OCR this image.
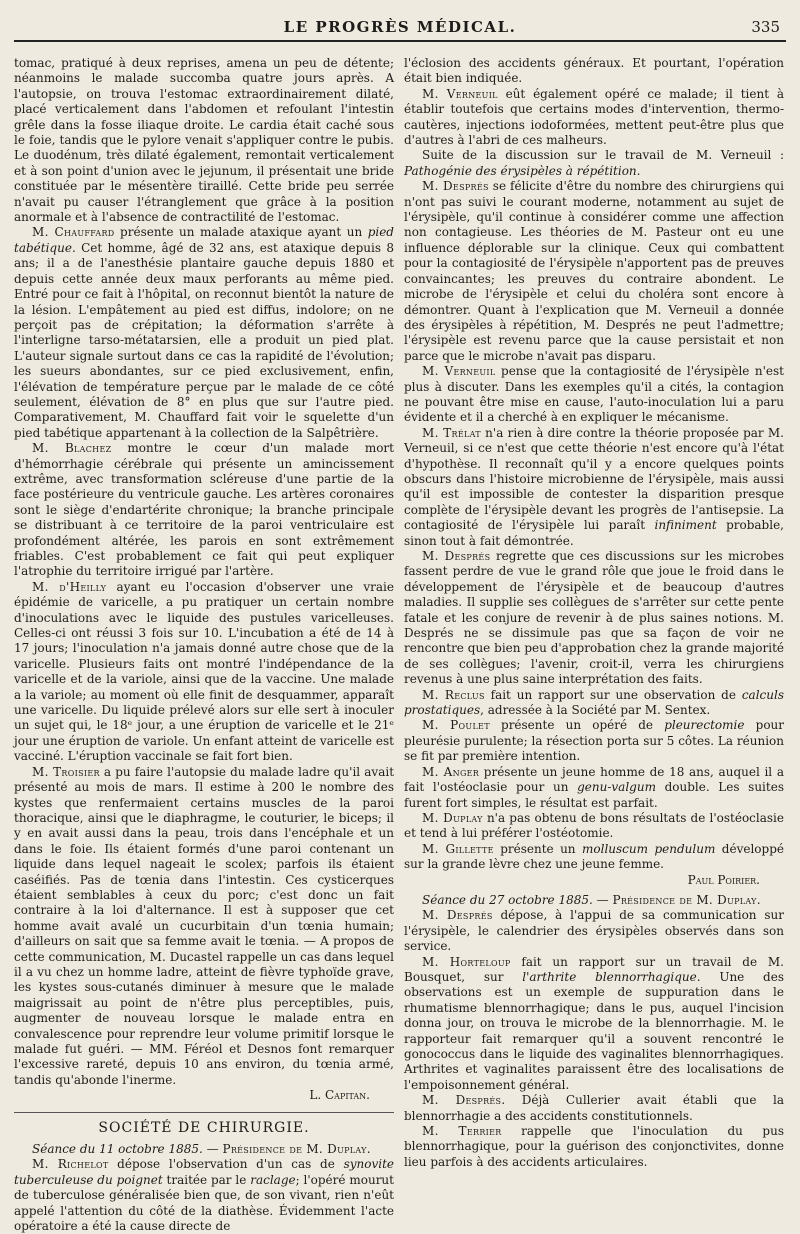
LE PROGRÈS MÉDICAL.	335

tomac, pratiqué à deux reprises, amena un peu de détente; néanmoins le malade succomba quatre jours après. A l'autopsie, on trouva l'estomac extraordinairement dilaté, placé verticalement dans l'abdomen et refoulant l'intestin grêle dans la fosse iliaque droite. Le cardia était caché sous le foie, tandis que le pylore venait s'appliquer contre le pubis. Le duodénum, très dilaté également, remontait verticalement et à son point d'union avec le jejunum, il présentait une bride constituée par le mésentère tiraillé. Cette bride peu serrée n'avait pu causer l'étranglement que grâce à la position anormale et à l'absence de contractilité de l'estomac.

M. Chauffard présente un malade ataxique ayant un pied tabétique. Cet homme, âgé de 32 ans, est ataxique depuis 8 ans; il a de l'anesthésie plantaire gauche depuis 1880 et depuis cette année deux maux perforants au même pied. Entré pour ce fait à l'hôpital, on reconnut bientôt la nature de la lésion. L'empâtement au pied est diffus, indolore; on ne perçoit pas de crépitation; la déformation s'arrête à l'interligne tarso-métatarsien, elle a produit un pied plat. L'auteur signale surtout dans ce cas la rapidité de l'évolution; les sueurs abondantes, sur ce pied exclusivement, enfin, l'élévation de température perçue par le malade de ce côté seulement, élévation de 8° en plus que sur l'autre pied. Comparativement, M. Chauffard fait voir le squelette d'un pied tabétique appartenant à la collection de la Salpêtrière.

M. Blachez montre le cœur d'un malade mort d'hémorrhagie cérébrale qui présente un amincissement extrême, avec transformation scléreuse d'une partie de la face postérieure du ventricule gauche. Les artères coronaires sont le siège d'endartérite chronique; la branche principale se distribuant à ce territoire de la paroi ventriculaire est profondément altérée, les parois en sont extrêmement friables. C'est probablement ce fait qui peut expliquer l'atrophie du territoire irrigué par l'artère.

M. d'Heilly ayant eu l'occasion d'observer une vraie épidémie de varicelle, a pu pratiquer un certain nombre d'inoculations avec le liquide des pustules varicelleuses. Celles-ci ont réussi 3 fois sur 10. L'incubation a été de 14 à 17 jours; l'inoculation n'a jamais donné autre chose que de la varicelle. Plusieurs faits ont montré l'indépendance de la varicelle et de la variole, ainsi que de la vaccine. Une malade a la variole; au moment où elle finit de desquammer, apparaît une varicelle. Du liquide prélevé alors sur elle sert à inoculer un sujet qui, le 18ᵉ jour, a une éruption de varicelle et le 21ᵉ jour une éruption de variole. Un enfant atteint de varicelle est vacciné. L'éruption vaccinale se fait fort bien.

M. Troisier a pu faire l'autopsie du malade ladre qu'il avait présenté au mois de mars. Il estime à 200 le nombre des kystes que renfermaient certains muscles de la paroi thoracique, ainsi que le diaphragme, le couturier, le biceps; il y en avait aussi dans la peau, trois dans l'encéphale et un dans le foie. Ils étaient formés d'une paroi contenant un liquide dans lequel nageait le scolex; parfois ils étaient caséifiés. Pas de tœnia dans l'intestin. Ces cysticerques étaient semblables à ceux du porc; c'est donc un fait contraire à la loi d'alternance. Il est à supposer que cet homme avait avalé un cucurbitain d'un tœnia humain; d'ailleurs on sait que sa femme avait le tœnia. — A propos de cette communication, M. Ducastel rappelle un cas dans lequel il a vu chez un homme ladre, atteint de fièvre typhoïde grave, les kystes sous-cutanés diminuer à mesure que le malade maigrissait au point de n'être plus perceptibles, puis, augmenter de nouveau lorsque le malade entra en convalescence pour reprendre leur volume primitif lorsque le malade fut guéri. — MM. Féréol et Desnos font remarquer l'excessive rareté, depuis 10 ans environ, du tœnia armé, tandis qu'abonde l'inerme.

L. Capitan.

SOCIÉTÉ DE CHIRURGIE.

Séance du 11 octobre 1885. — Présidence de M. Duplay.

M. Richelot dépose l'observation d'un cas de synovite tuberculeuse du poignet traitée par le raclage; l'opéré mourut de tuberculose généralisée bien que, de son vivant, rien n'eût appelé l'attention du côté de la diathèse. Évidemment l'acte opératoire a été la cause directe de

l'éclosion des accidents généraux. Et pourtant, l'opération était bien indiquée.

M. Verneuil eût également opéré ce malade; il tient à établir toutefois que certains modes d'intervention, thermo-cautères, injections iodoformées, mettent peut-être plus que d'autres à l'abri de ces malheurs.

Suite de la discussion sur le travail de M. Verneuil : Pathogénie des érysipèles à répétition.

M. Després se félicite d'être du nombre des chirurgiens qui n'ont pas suivi le courant moderne, notamment au sujet de l'érysipèle, qu'il continue à considérer comme une affection non contagieuse. Les théories de M. Pasteur ont eu une influence déplorable sur la clinique. Ceux qui combattent pour la contagiosité de l'érysipèle n'apportent pas de preuves convaincantes; les preuves du contraire abondent. Le microbe de l'érysipèle et celui du choléra sont encore à démontrer. Quant à l'explication que M. Verneuil a donnée des érysipèles à répétition, M. Després ne peut l'admettre; l'érysipèle est revenu parce que la cause persistait et non parce que le microbe n'avait pas disparu.

M. Verneuil pense que la contagiosité de l'érysipèle n'est plus à discuter. Dans les exemples qu'il a cités, la contagion ne pouvant être mise en cause, l'auto-inoculation lui a paru évidente et il a cherché à en expliquer le mécanisme.

M. Trélat n'a rien à dire contre la théorie proposée par M. Verneuil, si ce n'est que cette théorie n'est encore qu'à l'état d'hypothèse. Il reconnaît qu'il y a encore quelques points obscurs dans l'histoire microbienne de l'érysipèle, mais aussi qu'il est impossible de contester la disparition presque complète de l'érysipèle devant les progrès de l'antisepsie. La contagiosité de l'érysipèle lui paraît infiniment probable, sinon tout à fait démontrée.

M. Després regrette que ces discussions sur les microbes fassent perdre de vue le grand rôle que joue le froid dans le développement de l'érysipèle et de beaucoup d'autres maladies. Il supplie ses collègues de s'arrêter sur cette pente fatale et les conjure de revenir à de plus saines notions. M. Després ne se dissimule pas que sa façon de voir ne rencontre que bien peu d'approbation chez la grande majorité de ses collègues; l'avenir, croit-il, verra les chirurgiens revenus à une plus saine interprétation des faits.

M. Reclus fait un rapport sur une observation de calculs prostatiques, adressée à la Société par M. Sentex.

M. Poulet présente un opéré de pleurectomie pour pleurésie purulente; la résection porta sur 5 côtes. La réunion se fit par première intention.

M. Anger présente un jeune homme de 18 ans, auquel il a fait l'ostéoclasie pour un genu-valgum double. Les suites furent fort simples, le résultat est parfait.

M. Duplay n'a pas obtenu de bons résultats de l'ostéoclasie et tend à lui préférer l'ostéotomie.

M. Gillette présente un molluscum pendulum développé sur la grande lèvre chez une jeune femme.

Paul Poirier.

Séance du 27 octobre 1885. — Présidence de M. Duplay.

M. Després dépose, à l'appui de sa communication sur l'érysipèle, le calendrier des érysipèles observés dans son service.

M. Horteloup fait un rapport sur un travail de M. Bousquet, sur l'arthrite blennorrhagique. Une des observations est un exemple de suppuration dans le rhumatisme blennorrhagique; dans le pus, auquel l'incision donna jour, on trouva le microbe de la blennorrhagie. M. le rapporteur fait remarquer qu'il a souvent rencontré le gonococcus dans le liquide des vaginalites blennorrhagiques. Arthrites et vaginalites paraissent être des localisations de l'empoisonnement général.

M. Després. Déjà Cullerier avait établi que la blennorrhagie a des accidents constitutionnels.

M. Terrier rappelle que l'inoculation du pus blennorrhagique, pour la guérison des conjonctivites, donne lieu parfois à des accidents articulaires.
